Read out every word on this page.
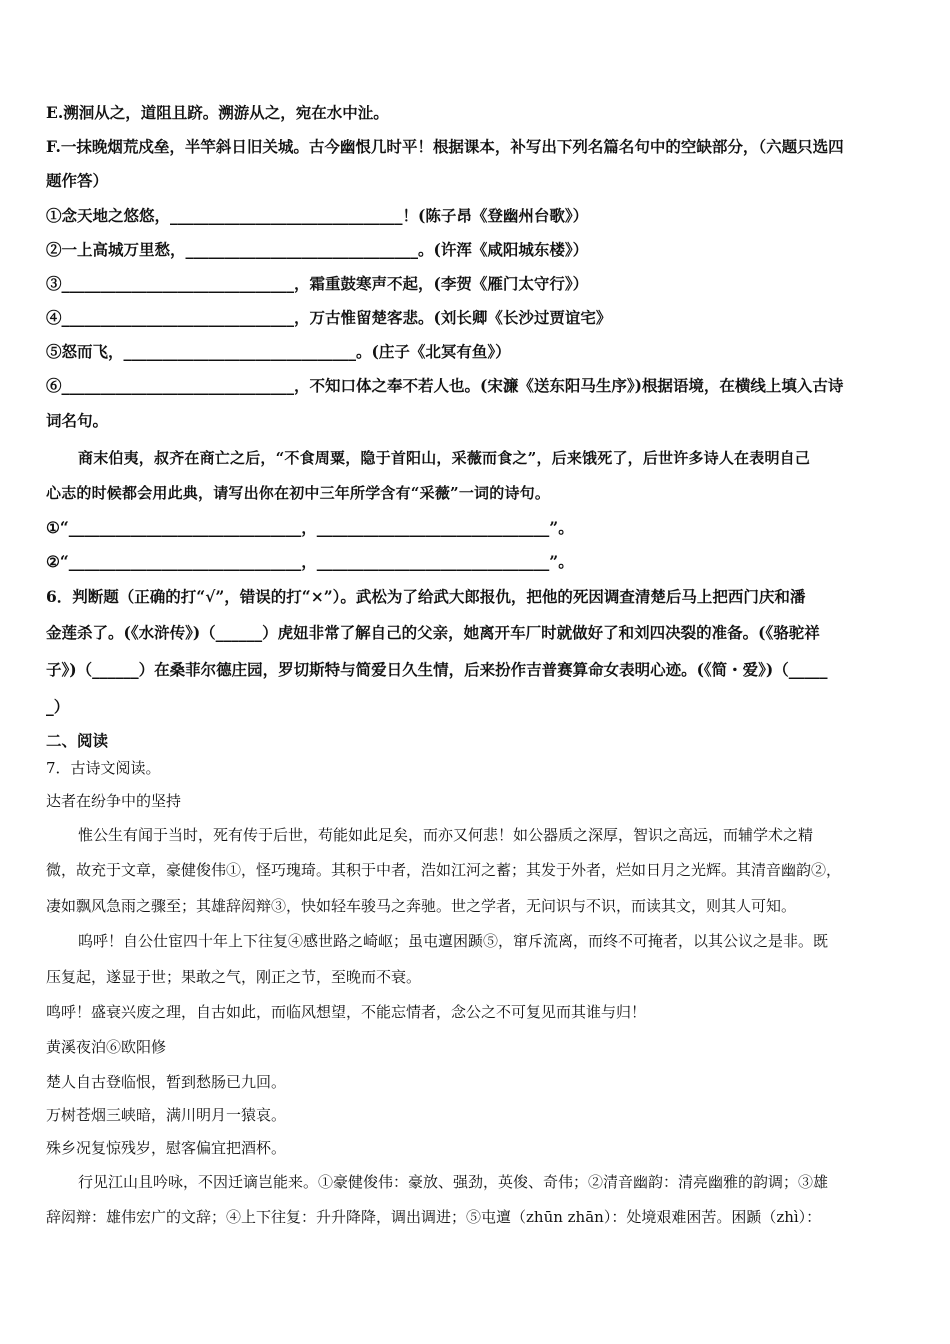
E.溯洄从之，道阻且跻。溯游从之，宛在水中沚。
F.一抹晚烟荒戍垒，半竿斜日旧关城。古今幽恨几时平！根据课本，补写出下列名篇名句中的空缺部分，（六题只选四
题作答）
①念天地之悠悠，______________________________！(陈子昂《登幽州台歌》）
②一上高城万里愁，______________________________。(许浑《咸阳城东楼》）
③______________________________，霜重鼓寒声不起，(李贺《雁门太守行》）
④______________________________，万古惟留楚客悲。(刘长卿《长沙过贾谊宅》
⑤怒而飞，______________________________。(庄子《北冥有鱼》）
⑥______________________________，不知口体之奉不若人也。(宋濂《送东阳马生序》)根据语境，在横线上填入古诗
词名句。
商末伯夷，叔齐在商亡之后，“不食周粟，隐于首阳山，采薇而食之”，后来饿死了，后世许多诗人在表明自己
心志的时候都会用此典，请写出你在初中三年所学含有“采薇”一词的诗句。
①“______________________________，______________________________”。
②“______________________________，______________________________”。
6．判断题（正确的打“√”，错误的打“×”）。武松为了给武大郎报仇，把他的死因调查清楚后马上把西门庆和潘
金莲杀了。(《水浒传》)（______）虎妞非常了解自己的父亲，她离开车厂时就做好了和刘四决裂的准备。(《骆驼祥
子》)（______）在桑菲尔德庄园，罗切斯特与简爱日久生情，后来扮作吉普赛算命女表明心迹。(《简・爱》)（_____
_）
二、阅读
7．古诗文阅读。
达者在纷争中的坚持
惟公生有闻于当时，死有传于后世，苟能如此足矣，而亦又何悲！如公器质之深厚，智识之高远，而辅学术之精
微，故充于文章，豪健俊伟①，怪巧瑰琦。其积于中者，浩如江河之蓄；其发于外者，烂如日月之光辉。其清音幽韵②，
凄如飘风急雨之骤至；其雄辞闳辩③，快如轻车骏马之奔驰。世之学者，无问识与不识，而读其文，则其人可知。
呜呼！自公仕宦四十年上下往复④感世路之崎岖；虽屯邅困踬⑤，窜斥流离，而终不可掩者，以其公议之是非。既
压复起，遂显于世；果敢之气，刚正之节，至晚而不衰。
鸣呼！盛衰兴废之理，自古如此，而临风想望，不能忘情者，念公之不可复见而其谁与归！
黄溪夜泊⑥欧阳修
楚人自古登临恨，暂到愁肠已九回。
万树苍烟三峡暗，满川明月一猿哀。
殊乡况复惊残岁，慰客偏宜把酒杯。
行见江山且吟咏，不因迁谪岂能来。①豪健俊伟：豪放、强劲，英俊、奇伟；②清音幽韵：清亮幽雅的韵调；③雄
辞闳辩：雄伟宏广的文辞；④上下往复：升升降降，调出调进；⑤屯邅（zhūn zhān）：处境艰难困苦。困踬（zhì）：
